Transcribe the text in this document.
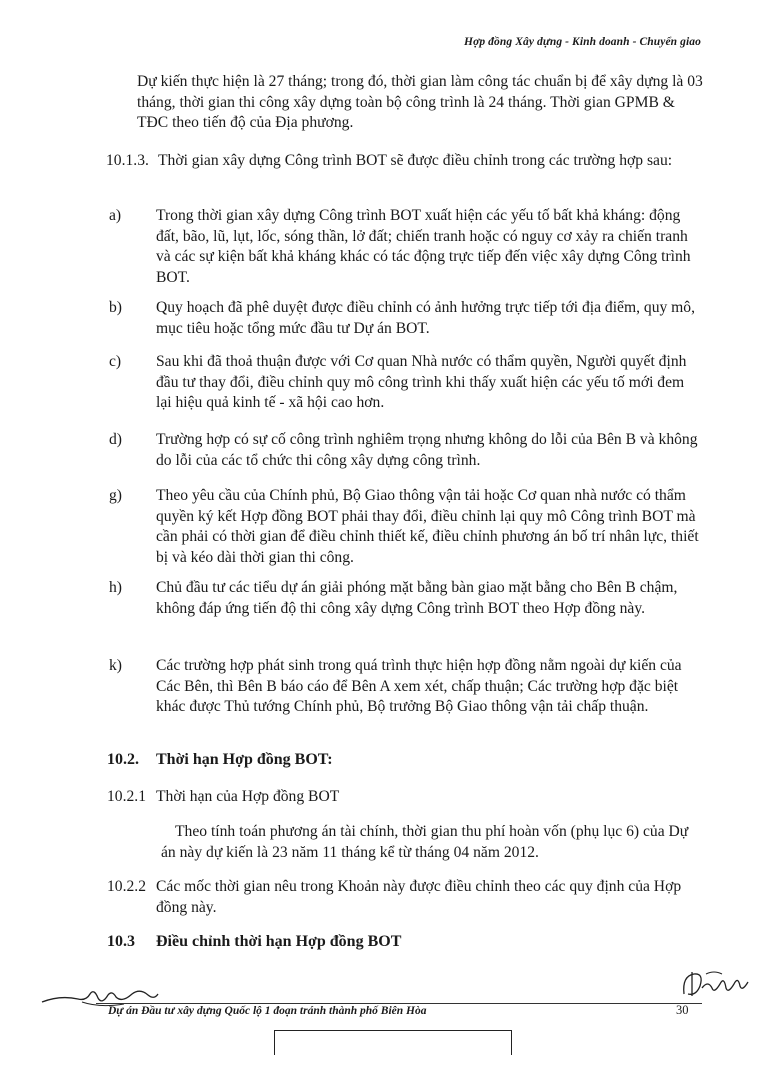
Hợp đồng Xây dựng - Kinh doanh - Chuyển giao

Dự kiến thực hiện là 27 tháng; trong đó, thời gian làm công tác chuẩn bị để xây dựng là 03 tháng, thời gian thi công xây dựng toàn bộ công trình là 24 tháng. Thời gian GPMB & TĐC theo tiến độ của Địa phương.

10.1.3. Thời gian xây dựng Công trình BOT sẽ được điều chỉnh trong các trường hợp sau:

a) Trong thời gian xây dựng Công trình BOT xuất hiện các yếu tố bất khả kháng: động đất, bão, lũ, lụt, lốc, sóng thần, lở đất; chiến tranh hoặc có nguy cơ xảy ra chiến tranh và các sự kiện bất khả kháng khác có tác động trực tiếp đến việc xây dựng Công trình BOT.

b) Quy hoạch đã phê duyệt được điều chỉnh có ảnh hưởng trực tiếp tới địa điểm, quy mô, mục tiêu hoặc tổng mức đầu tư Dự án BOT.

c) Sau khi đã thoả thuận được với Cơ quan Nhà nước có thẩm quyền, Người quyết định đầu tư thay đổi, điều chỉnh quy mô công trình khi thấy xuất hiện các yếu tố mới đem lại hiệu quả kinh tế - xã hội cao hơn.

d) Trường hợp có sự cố công trình nghiêm trọng nhưng không do lỗi của Bên B và không do lỗi của các tổ chức thi công xây dựng công trình.

g) Theo yêu cầu của Chính phủ, Bộ Giao thông vận tải hoặc Cơ quan nhà nước có thẩm quyền ký kết Hợp đồng BOT phải thay đổi, điều chỉnh lại quy mô Công trình BOT mà cần phải có thời gian để điều chỉnh thiết kế, điều chỉnh phương án bố trí nhân lực, thiết bị và kéo dài thời gian thi công.

h) Chủ đầu tư các tiểu dự án giải phóng mặt bằng bàn giao mặt bằng cho Bên B chậm, không đáp ứng tiến độ thi công xây dựng Công trình BOT theo Hợp đồng này.

k) Các trường hợp phát sinh trong quá trình thực hiện hợp đồng nằm ngoài dự kiến của Các Bên, thì Bên B báo cáo để Bên A xem xét, chấp thuận; Các trường hợp đặc biệt khác được Thủ tướng Chính phủ, Bộ trưởng Bộ Giao thông vận tải chấp thuận.

10.2. Thời hạn Hợp đồng BOT:
10.2.1 Thời hạn của Hợp đồng BOT

Theo tính toán phương án tài chính, thời gian thu phí hoàn vốn (phụ lục 6) của Dự án này dự kiến là 23 năm 11 tháng kể từ tháng 04 năm 2012.

10.2.2 Các mốc thời gian nêu trong Khoản này được điều chỉnh theo các quy định của Hợp đồng này.

10.3 Điều chỉnh thời hạn Hợp đồng BOT
Dự án Đầu tư xây dựng Quốc lộ 1 đoạn tránh thành phố Biên Hòa	30
